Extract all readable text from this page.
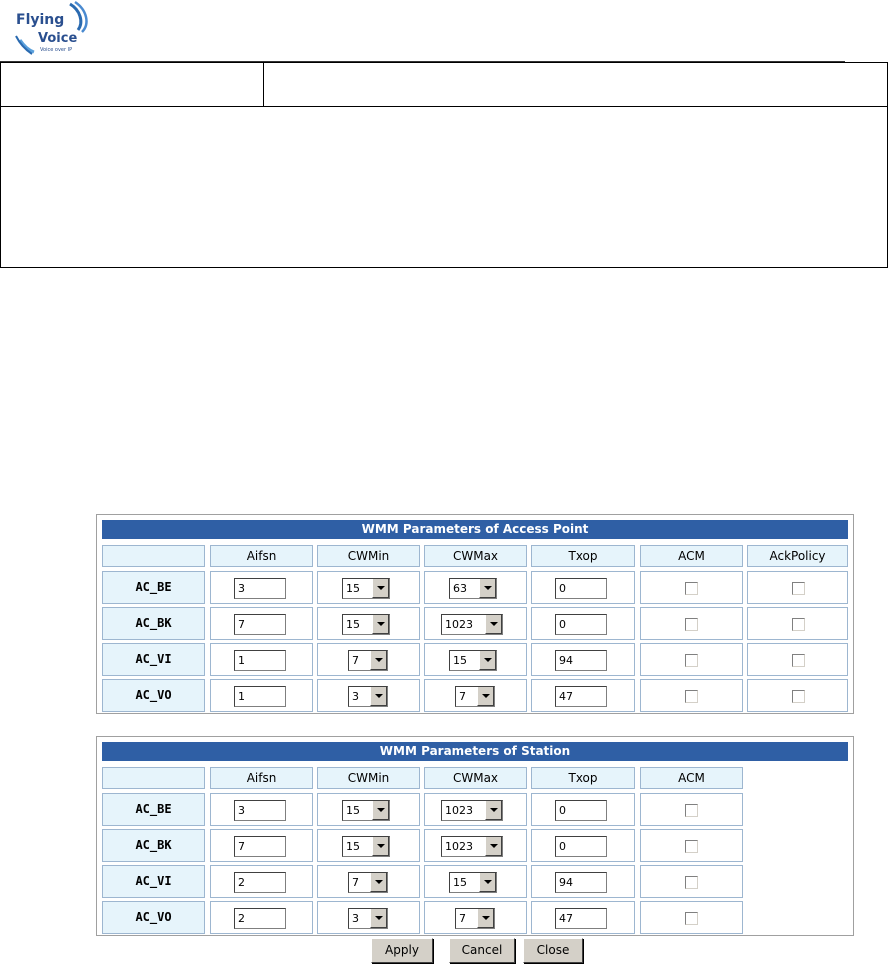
Flying
Voice
Voice over IP
WMM Parameters of Access Point
Aifsn	CWMin	CWMax	Txop	ACM	AckPolicy
AC_BE	3	15	63	0
AC_BK	7	15	1023	0
AC_VI	1	7	15	94
AC_VO	1	3	7	47
WMM Parameters of Station
Aifsn	CWMin	CWMax	Txop	ACM
AC_BE	3	15	1023	0
AC_BK	7	15	1023	0
AC_VI	2	7	15	94
AC_VO	2	3	7	47
Apply	Cancel	Close
